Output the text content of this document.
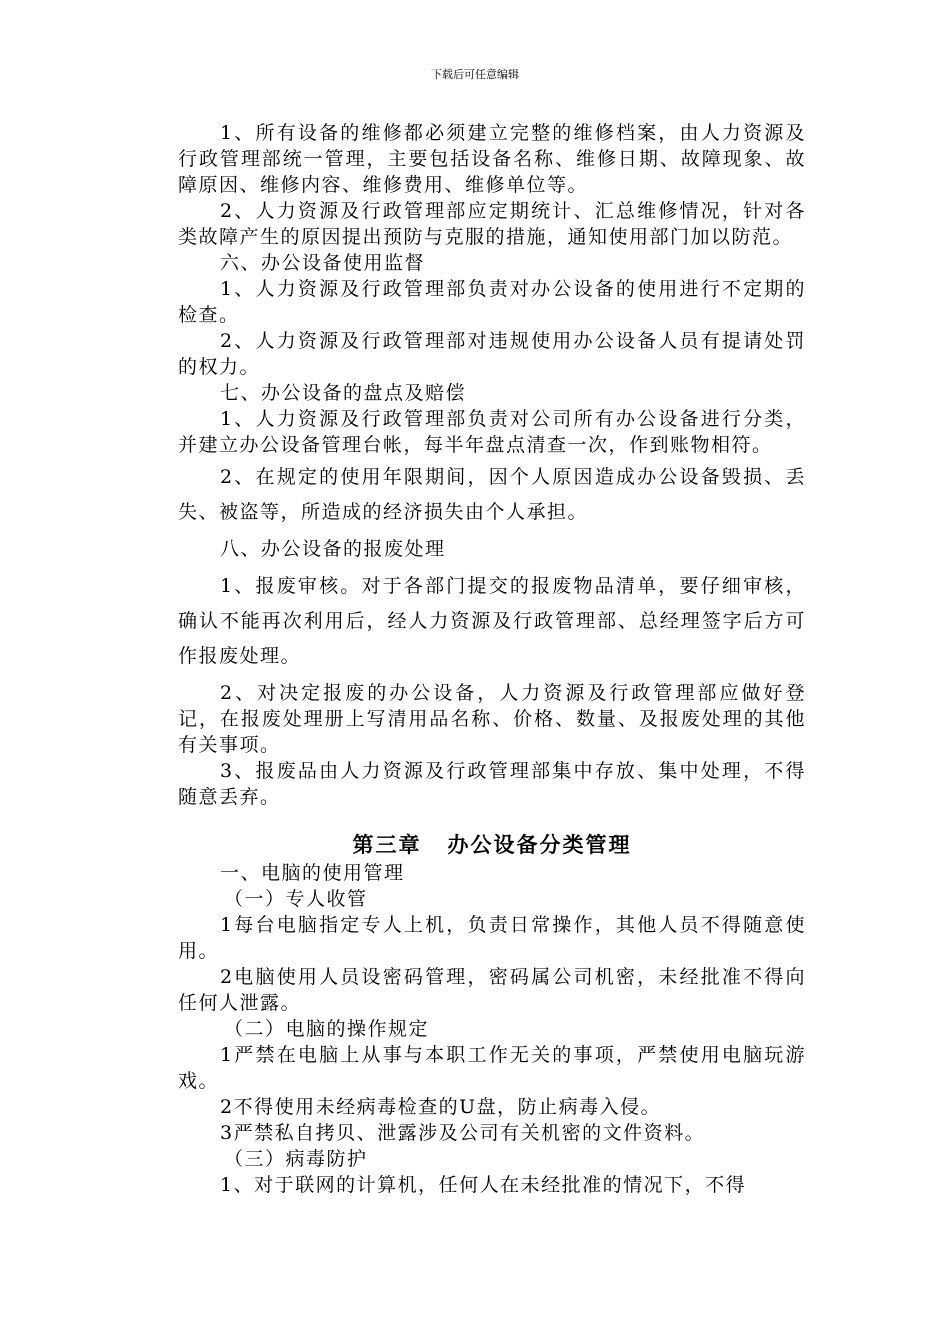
下载后可任意编辑

1、所有设备的维修都必须建立完整的维修档案，由人力资源及行政管理部统一管理，主要包括设备名称、维修日期、故障现象、故障原因、维修内容、维修费用、维修单位等。

2、人力资源及行政管理部应定期统计、汇总维修情况，针对各类故障产生的原因提出预防与克服的措施，通知使用部门加以防范。

六、办公设备使用监督

1、人力资源及行政管理部负责对办公设备的使用进行不定期的检查。

2、人力资源及行政管理部对违规使用办公设备人员有提请处罚的权力。

七、办公设备的盘点及赔偿

1、人力资源及行政管理部负责对公司所有办公设备进行分类，并建立办公设备管理台帐，每半年盘点清查一次，作到账物相符。

2、在规定的使用年限期间，因个人原因造成办公设备毁损、丢失、被盗等，所造成的经济损失由个人承担。

八、办公设备的报废处理

1、报废审核。对于各部门提交的报废物品清单，要仔细审核，确认不能再次利用后，经人力资源及行政管理部、总经理签字后方可作报废处理。

2、对决定报废的办公设备，人力资源及行政管理部应做好登记，在报废处理册上写清用品名称、价格、数量、及报废处理的其他有关事项。

3、报废品由人力资源及行政管理部集中存放、集中处理，不得随意丢弃。

第三章 办公设备分类管理

一、电脑的使用管理

（一）专人收管

1每台电脑指定专人上机，负责日常操作，其他人员不得随意使用。

2电脑使用人员设密码管理，密码属公司机密，未经批准不得向任何人泄露。

（二）电脑的操作规定

1严禁在电脑上从事与本职工作无关的事项，严禁使用电脑玩游戏。

2不得使用未经病毒检查的U盘，防止病毒入侵。

3严禁私自拷贝、泄露涉及公司有关机密的文件资料。

（三）病毒防护

1、对于联网的计算机，任何人在未经批准的情况下，不得
